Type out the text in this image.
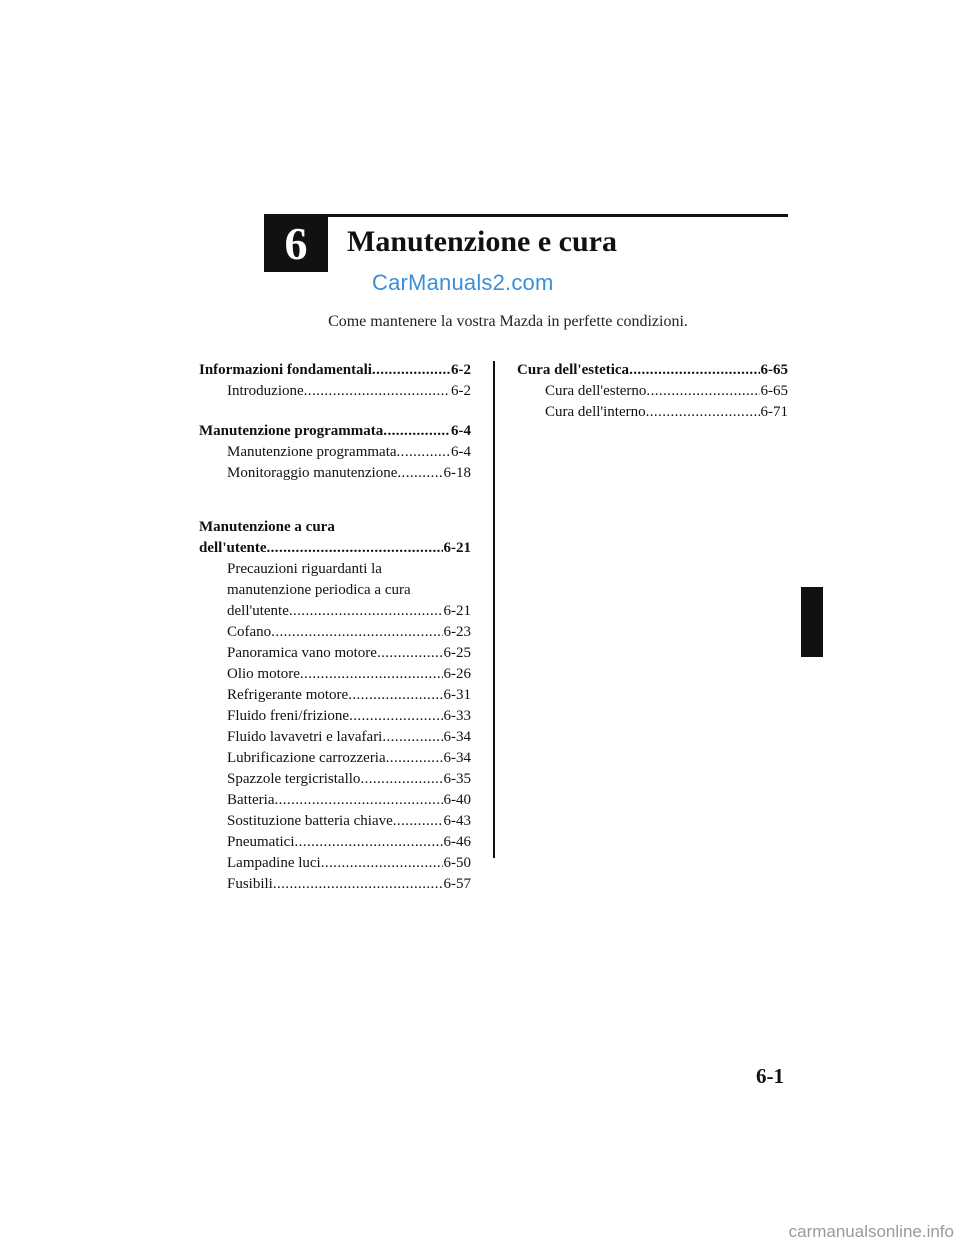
6 Manutenzione e cura
CarManuals2.com
Come mantenere la vostra Mazda in perfette condizioni.
Informazioni fondamentali .....	6-2
Introduzione .....	6-2
Manutenzione programmata .....	6-4
Manutenzione programmata .....	6-4
Monitoraggio manutenzione .....	6-18
Manutenzione a cura
dell'utente .....	6-21
Precauzioni riguardanti la
manutenzione periodica a cura
dell'utente .....	6-21
Cofano .....	6-23
Panoramica vano motore .....	6-25
Olio motore .....	6-26
Refrigerante motore .....	6-31
Fluido freni/frizione .....	6-33
Fluido lavavetri e lavafari .....	6-34
Lubrificazione carrozzeria .....	6-34
Spazzole tergicristallo .....	6-35
Batteria .....	6-40
Sostituzione batteria chiave .....	6-43
Pneumatici .....	6-46
Lampadine luci .....	6-50
Fusibili .....	6-57
Cura dell'estetica .....	6-65
Cura dell'esterno .....	6-65
Cura dell'interno .....	6-71
6-1
carmanualsonline.info
